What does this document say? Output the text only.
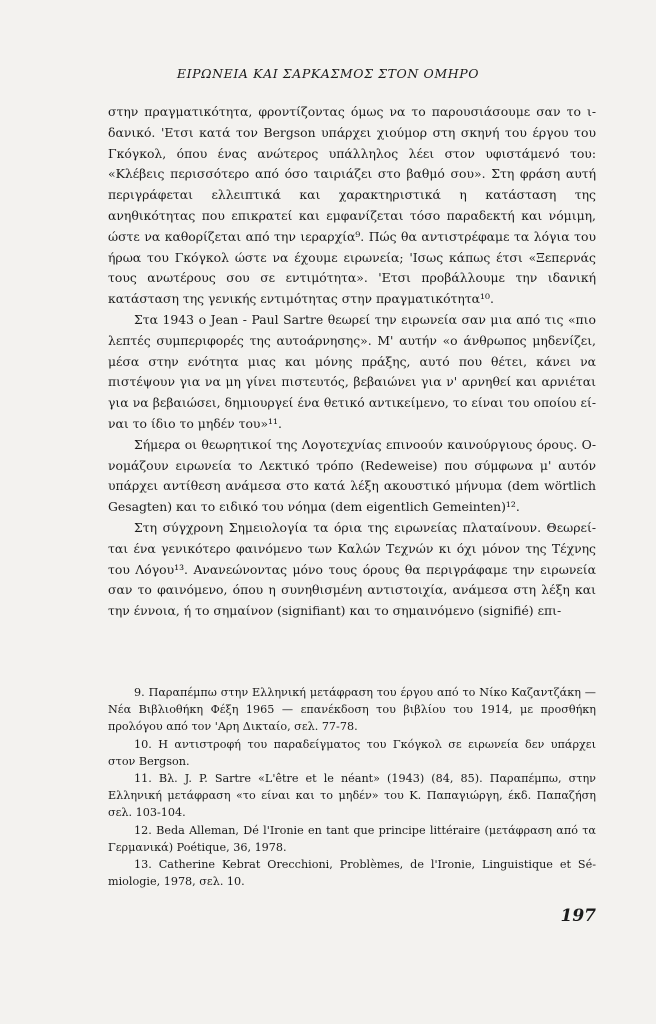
ΕΙΡΩΝΕΙΑ ΚΑΙ ΣΑΡΚΑΣΜΟΣ ΣΤΟΝ ΟΜΗΡΟ

στην πραγματικότητα, φροντίζοντας όμως να το παρουσιάσουμε σαν το ιδανικό. 'Ετσι κατά τον Bergson υπάρχει χιούμορ στη σκηνή του έργου του Γκόγκολ, όπου ένας ανώτερος υπάλληλος λέει στον υφιστάμενό του: «Κλέβεις περισσότερο από όσο ταιριάζει στο βαθμό σου». Στη φράση αυτή περιγράφεται ελλειπτικά και χαρακτηριστικά η κατάσταση της ανηθικότητας που επικρατεί και εμφανίζεται τόσο παραδεκτή και νόμιμη, ώστε να καθορίζεται από την ιεραρχία⁹. Πώς θα αντιστρέφαμε τα λόγια του ήρωα του Γκόγκολ ώστε να έχουμε ειρωνεία; 'Ισως κάπως έτσι «Ξεπερνάς τους ανωτέρους σου σε εντιμότητα». 'Ετσι προβάλλουμε την ιδανική κατάσταση της γενικής εντιμότητας στην πραγματικότητα¹⁰.

Στα 1943 ο Jean - Paul Sartre θεωρεί την ειρωνεία σαν μια από τις «πιο λεπτές συμπεριφορές της αυτοάρνησης». Μ' αυτήν «ο άνθρωπος μηδενίζει, μέσα στην ενότητα μιας και μόνης πράξης, αυτό που θέτει, κάνει να πιστέψουν για να μη γίνει πιστευτός, βεβαιώνει για ν' αρνηθεί και αρνιέται για να βεβαιώσει, δημιουργεί ένα θετικό αντικείμενο, το είναι του οποίου είναι το ίδιο το μηδέν του»¹¹.

Σήμερα οι θεωρητικοί της Λογοτεχνίας επινοούν καινούργιους όρους. Ονομάζουν ειρωνεία το Λεκτικό τρόπο (Redeweise) που σύμφωνα μ' αυτόν υπάρχει αντίθεση ανάμεσα στο κατά λέξη ακουστικό μήνυμα (dem wörtlich Gesagten) και το ειδικό του νόημα (dem eigentlich Gemeinten)¹².

Στη σύγχρονη Σημειολογία τα όρια της ειρωνείας πλαταίνουν. Θεωρείται ένα γενικότερο φαινόμενο των Καλών Τεχνών κι όχι μόνον της Τέχνης του Λόγου¹³. Ανανεώνοντας μόνο τους όρους θα περιγράφαμε την ειρωνεία σαν το φαινόμενο, όπου η συνηθισμένη αντιστοιχία, ανάμεσα στη λέξη και την έννοια, ή το σημαίνον (signifiant) και το σημαινόμενο (signifié) επι-

9. Παραπέμπω στην Ελληνική μετάφραση του έργου από το Νίκο Καζαντζάκη — Νέα Βιβλιοθήκη Φέξη 1965 — επανέκδοση του βιβλίου του 1914, με προσθήκη προλόγου από τον 'Αρη Δικταίο, σελ. 77-78.

10. Η αντιστροφή του παραδείγματος του Γκόγκολ σε ειρωνεία δεν υπάρχει στον Bergson.

11. Βλ. J. P. Sartre «L'être et le néant» (1943) (84, 85). Παραπέμπω, στην Ελληνική μετάφραση «το είναι και το μηδέν» του Κ. Παπαγιώργη, έκδ. Παπαζήση σελ. 103-104.

12. Beda Alleman, Dé l'Ironie en tant que principe littéraire (μετάφραση από τα Γερμανικά) Poétique, 36, 1978.

13. Catherine Kebrat Orecchioni, Problèmes, de l'Ironie, Linguistique et Sémiologie, 1978, σελ. 10.

197
